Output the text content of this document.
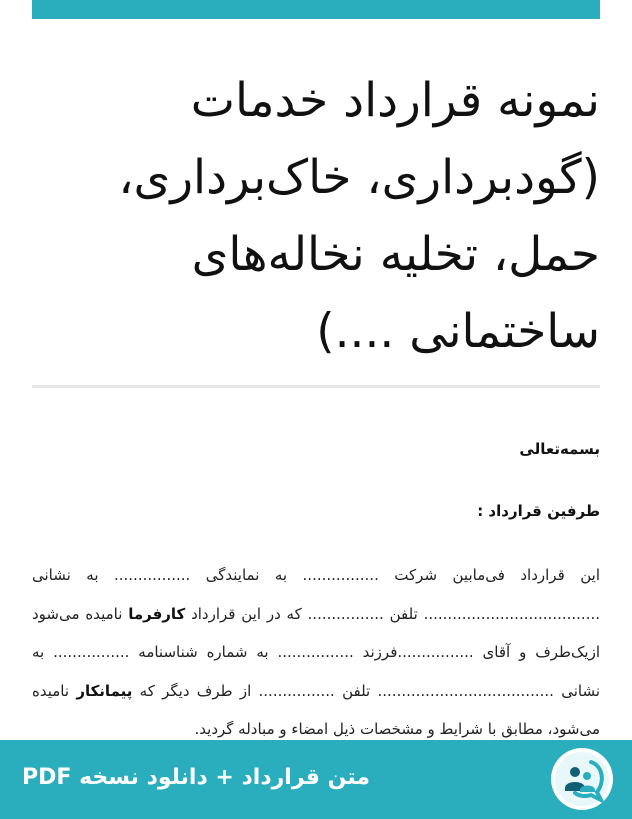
نمونه قرارداد خدمات (گودبرداری، خاک‌برداری، حمل، تخلیه نخاله‌های ساختمانی ....)

بسمه‌تعالی

طرفین قرارداد :

این قرارداد فی‌مابین شرکت ................ به نمایندگی ................ به نشانی ..................................... تلفن ................ که در این قرارداد کارفرما نامیده می‌شود ازیک‌طرف و آقای ................فرزند ................ به شماره شناسنامه ................ به نشانی ..................................... تلفن ................ از طرف دیگر که پیمانکار نامیده می‌شود، مطابق با شرایط و مشخصات ذیل امضاء و مبادله گردید.

متن قرارداد + دانلود نسخه PDF
ر
